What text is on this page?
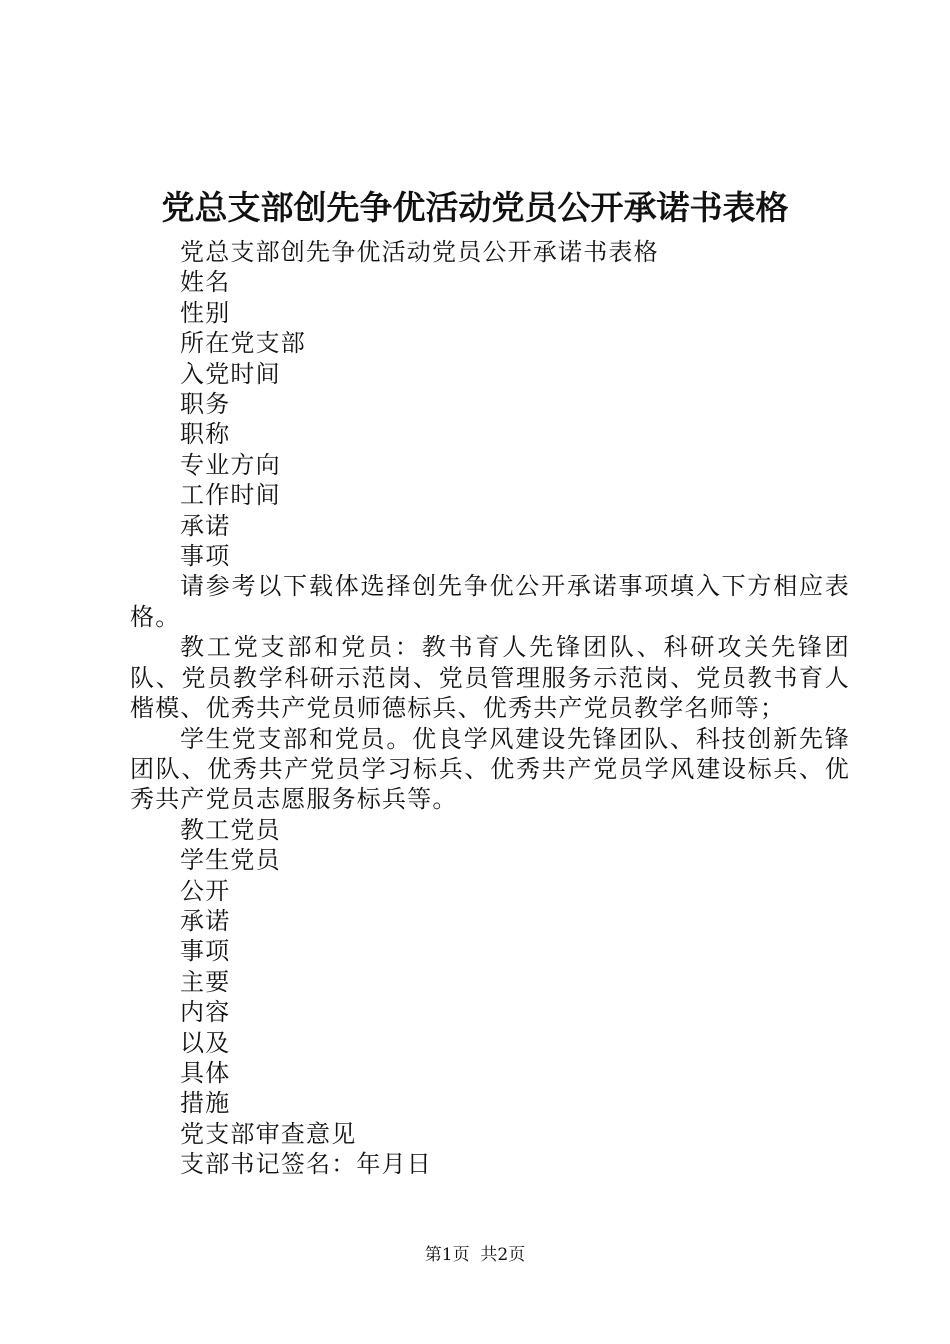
党总支部创先争优活动党员公开承诺书表格

党总支部创先争优活动党员公开承诺书表格

姓名

性别

所在党支部

入党时间

职务

职称

专业方向

工作时间

承诺

事项

请参考以下载体选择创先争优公开承诺事项填入下方相应表格。

教工党支部和党员：教书育人先锋团队、科研攻关先锋团队、党员教学科研示范岗、党员管理服务示范岗、党员教书育人楷模、优秀共产党员师德标兵、优秀共产党员教学名师等；

学生党支部和党员。优良学风建设先锋团队、科技创新先锋团队、优秀共产党员学习标兵、优秀共产党员学风建设标兵、优秀共产党员志愿服务标兵等。

教工党员

学生党员

公开

承诺

事项

主要

内容

以及

具体

措施

党支部审查意见

支部书记签名：年月日

第1页  共2页
